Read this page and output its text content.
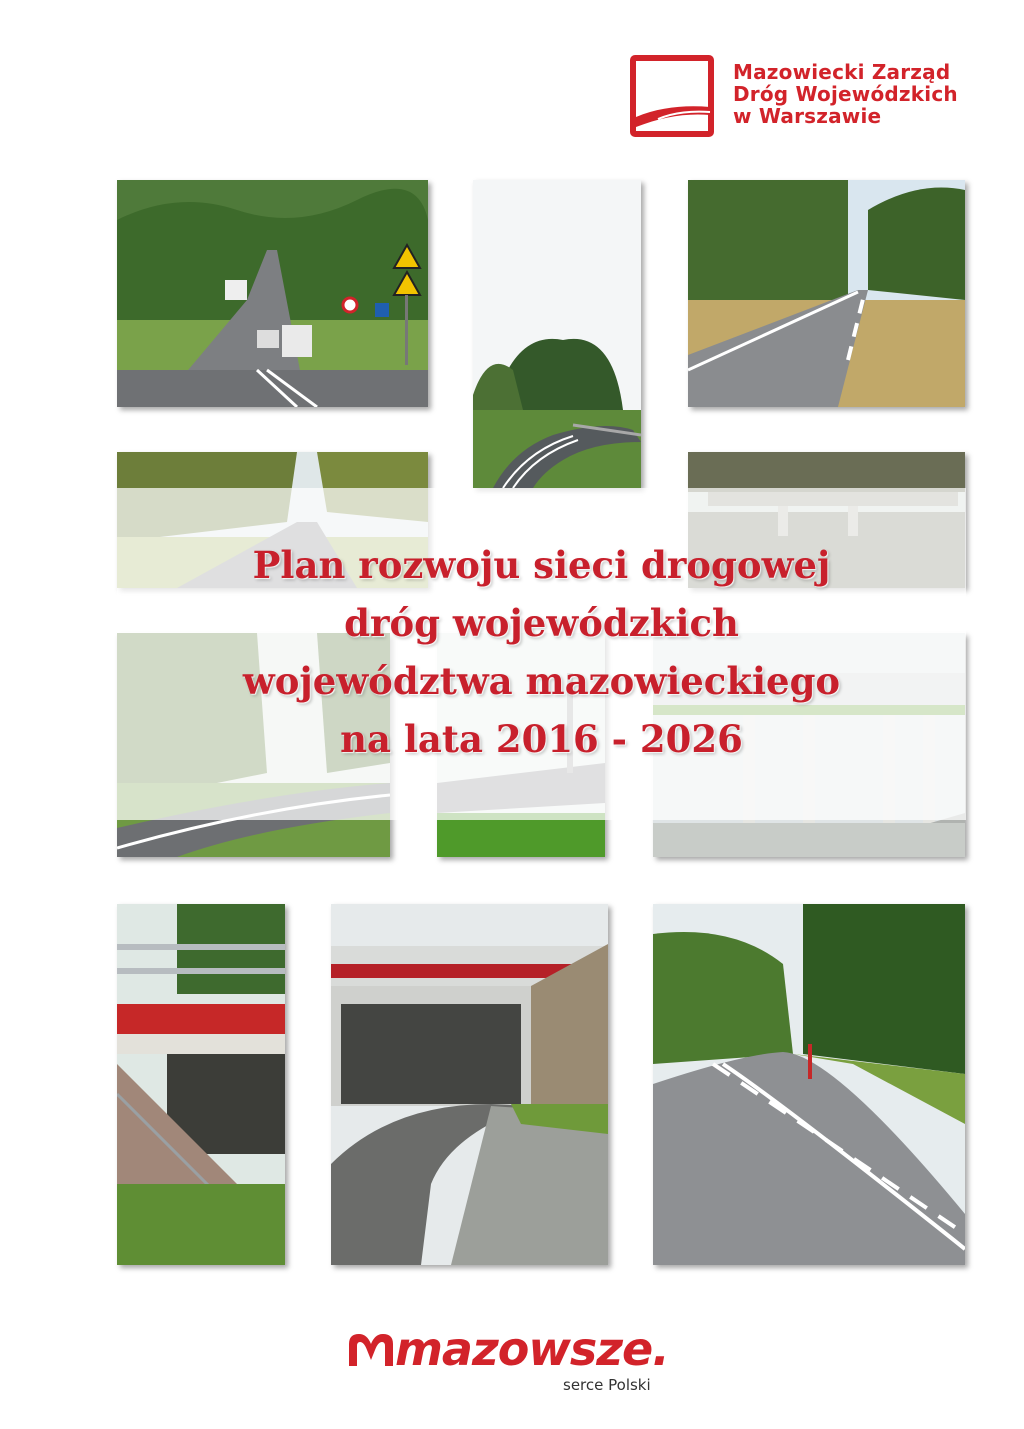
Mazowiecki Zarząd
Dróg Wojewódzkich
w Warszawie
Plan rozwoju sieci drogowej
dróg wojewódzkich
województwa mazowieckiego
na lata 2016 - 2026
mazowsze.
serce Polski
